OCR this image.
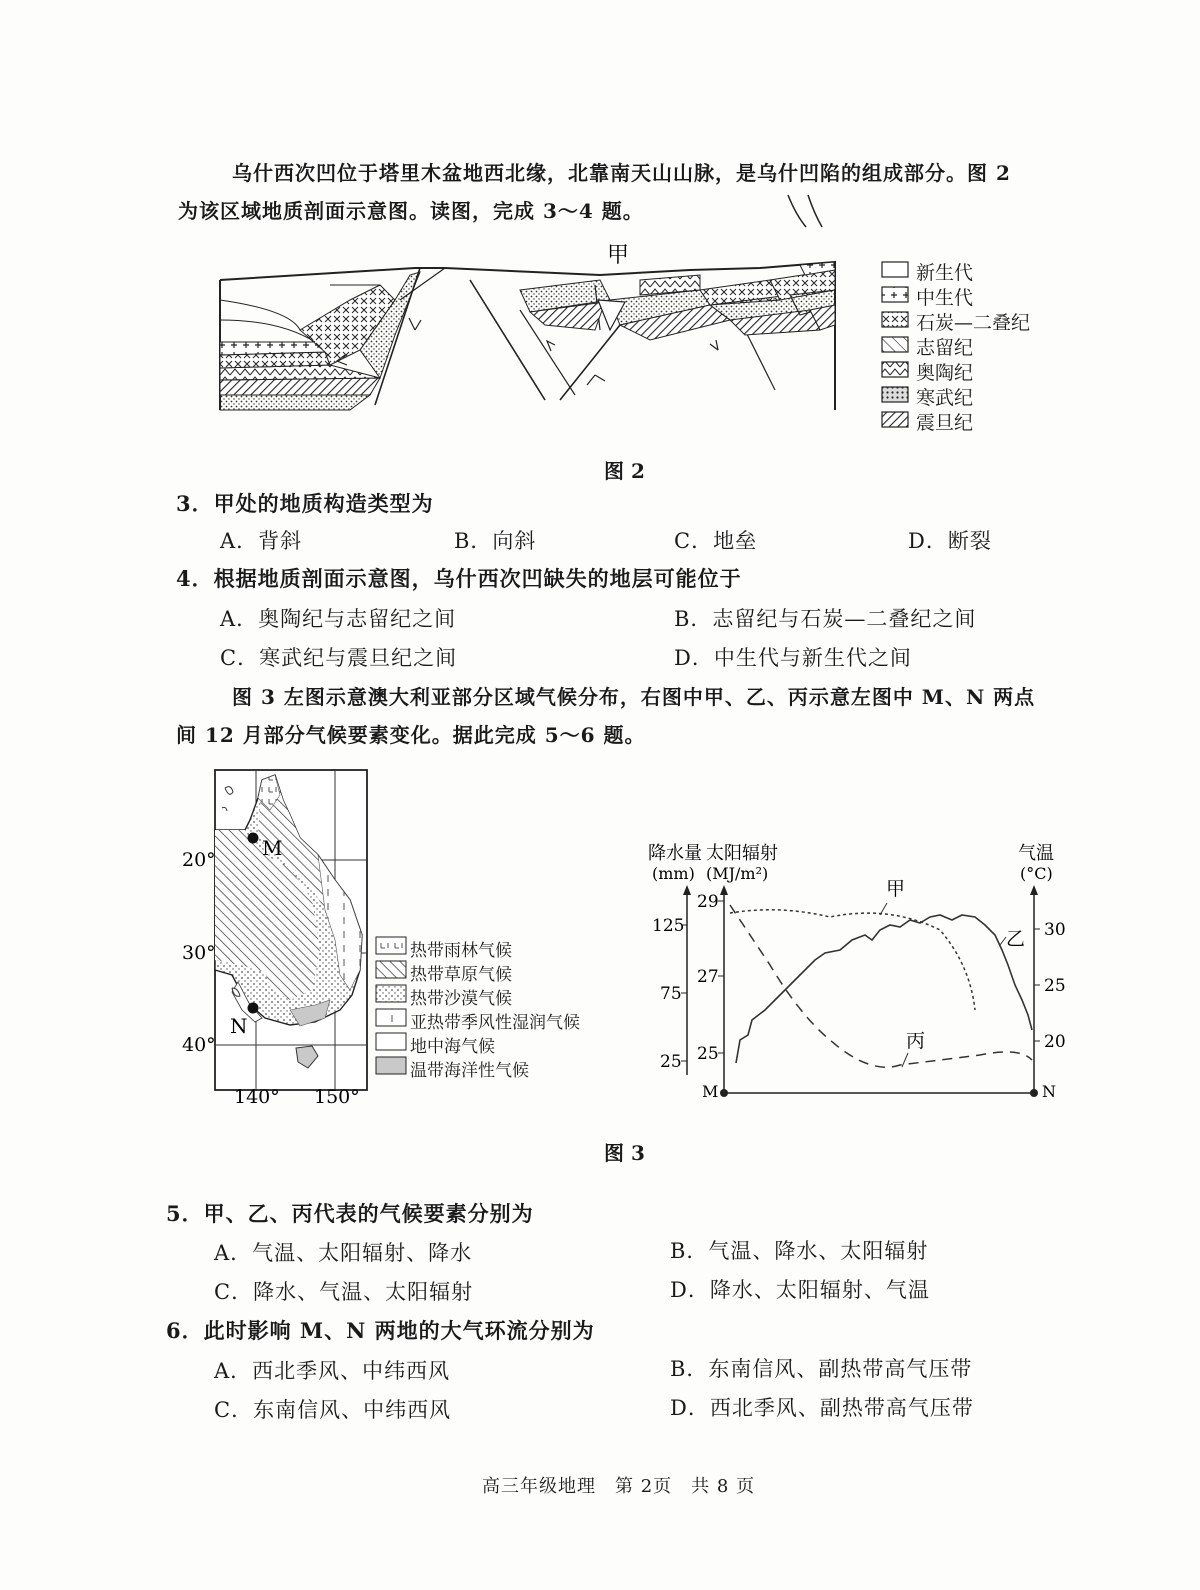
乌什西次凹位于塔里木盆地西北缘，北靠南天山山脉，是乌什凹陷的组成部分。图 2
为该区域地质剖面示意图。读图，完成 3～4 题。
甲
新生代
中生代
石炭—二叠纪
志留纪
奥陶纪
寒武纪
震旦纪
图 2
3．甲处的地质构造类型为
A．背斜	B．向斜	C．地垒	D．断裂
4．根据地质剖面示意图，乌什西次凹缺失的地层可能位于
A．奥陶纪与志留纪之间	B．志留纪与石炭—二叠纪之间
C．寒武纪与震旦纪之间	D．中生代与新生代之间
图 3 左图示意澳大利亚部分区域气候分布，右图中甲、乙、丙示意左图中 M、N 两点
间 12 月部分气候要素变化。据此完成 5～6 题。
M
N
20°
30°
40°
140° 150°
热带雨林气候
热带草原气候
热带沙漠气候
亚热带季风性湿润气候
地中海气候
温带海洋性气候
125
75
25
29
27
25
30
25
20
降水量
(mm)
太阳辐射
(MJ/m²)
气温
(°C)
M	N
甲
乙
丙
图 3
5．甲、乙、丙代表的气候要素分别为
A．气温、太阳辐射、降水	B．气温、降水、太阳辐射
C．降水、气温、太阳辐射	D．降水、太阳辐射、气温
6．此时影响 M、N 两地的大气环流分别为
A．西北季风、中纬西风	B．东南信风、副热带高气压带
C．东南信风、中纬西风	D．西北季风、副热带高气压带
高三年级地理　第 2页　共 8 页
